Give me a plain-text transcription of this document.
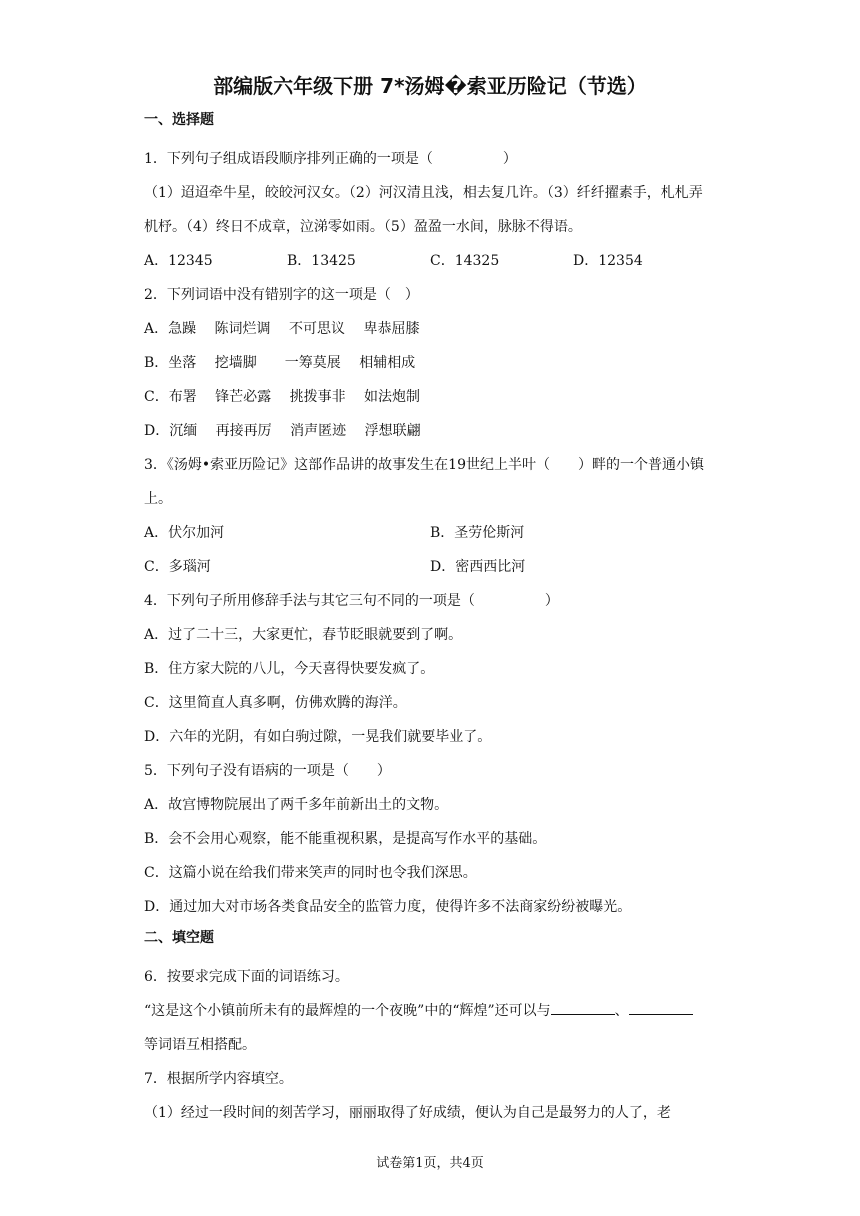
部编版六年级下册 7*汤姆�索亚历险记（节选）
一、选择题
1．下列句子组成语段顺序排列正确的一项是（　　　　　）
（1）迢迢牵牛星，皎皎河汉女。（2）河汉清且浅，相去复几许。（3）纤纤擢素手，札札弄机杼。（4）终日不成章，泣涕零如雨。（5）盈盈一水间，脉脉不得语。
A．12345	B．13425	C．14325	D．12354
2．下列词语中没有错别字的这一项是（　）
A．急躁　 陈词烂调　 不可思议　 卑恭屈膝
B．坐落　 挖墙脚　　一筹莫展　 相辅相成
C．布署　 锋芒必露　 挑拨事非　 如法炮制
D．沉缅　 再接再厉　 消声匿迹　 浮想联翩
3．《汤姆•索亚历险记》这部作品讲的故事发生在19世纪上半叶（　　）畔的一个普通小镇上。
A．伏尔加河	B．圣劳伦斯河
C．多瑙河	D．密西西比河
4．下列句子所用修辞手法与其它三句不同的一项是（　　　　　）
A．过了二十三，大家更忙，春节眨眼就要到了啊。
B．住方家大院的八儿，今天喜得快要发疯了。
C．这里简直人真多啊，仿佛欢腾的海洋。
D．六年的光阴，有如白驹过隙，一晃我们就要毕业了。
5．下列句子没有语病的一项是（　　）
A．故宫博物院展出了两千多年前新出土的文物。
B．会不会用心观察，能不能重视积累，是提高写作水平的基础。
C．这篇小说在给我们带来笑声的同时也令我们深思。
D．通过加大对市场各类食品安全的监管力度，使得许多不法商家纷纷被曝光。
二、填空题
6．按要求完成下面的词语练习。
“这是这个小镇前所未有的最辉煌的一个夜晚”中的“辉煌”还可以与	、
等词语互相搭配。
7．根据所学内容填空。
（1）经过一段时间的刻苦学习，丽丽取得了好成绩，便认为自己是最努力的人了，老
试卷第1页，共4页
